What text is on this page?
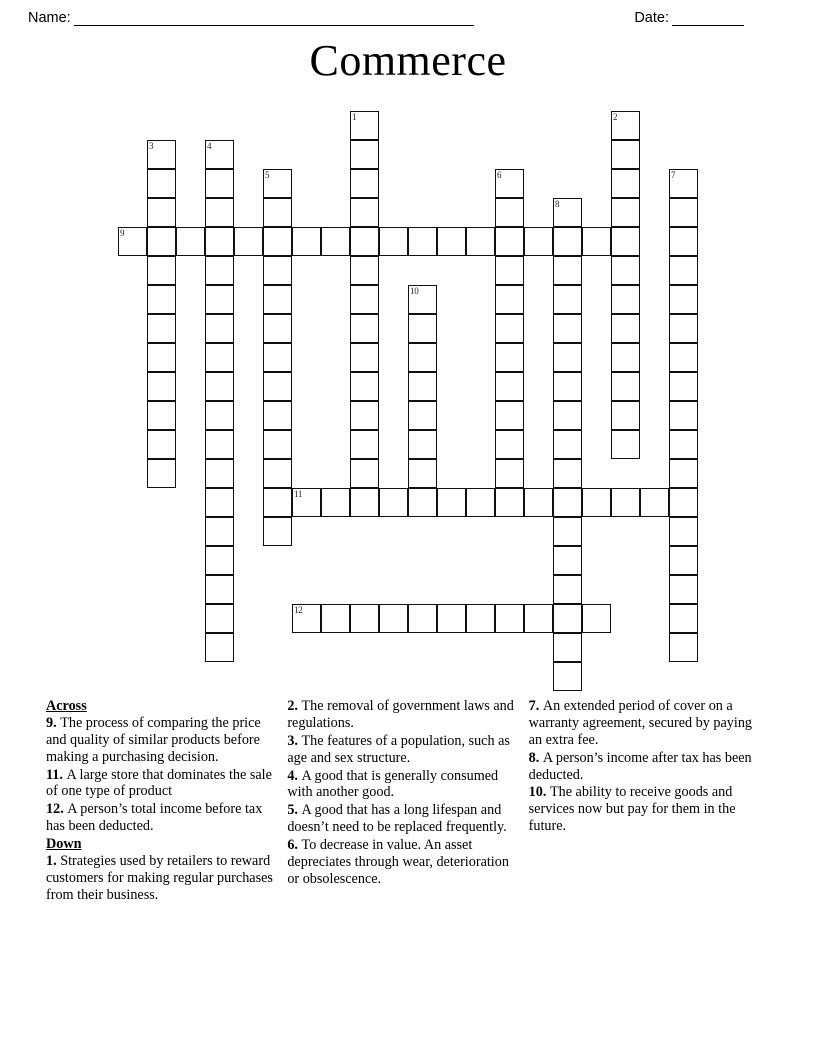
Name:	Date:
Commerce
1	2
3	4
5	6	7
8
9
10
11
12
Across
9. The process of comparing the price and quality of similar products before making a purchasing decision.
11. A large store that dominates the sale of one type of product
12. A person’s total income before tax has been deducted.
Down
1. Strategies used by retailers to reward customers for making regular purchases from their business.
2. The removal of government laws and regulations.
3. The features of a population, such as age and sex structure.
4. A good that is generally consumed with another good.
5. A good that has a long lifespan and doesn’t need to be replaced frequently.
6. To decrease in value. An asset depreciates through wear, deterioration or obsolescence.
7. An extended period of cover on a warranty agreement, secured by paying an extra fee.
8. A person’s income after tax has been deducted.
10. The ability to receive goods and services now but pay for them in the future.
